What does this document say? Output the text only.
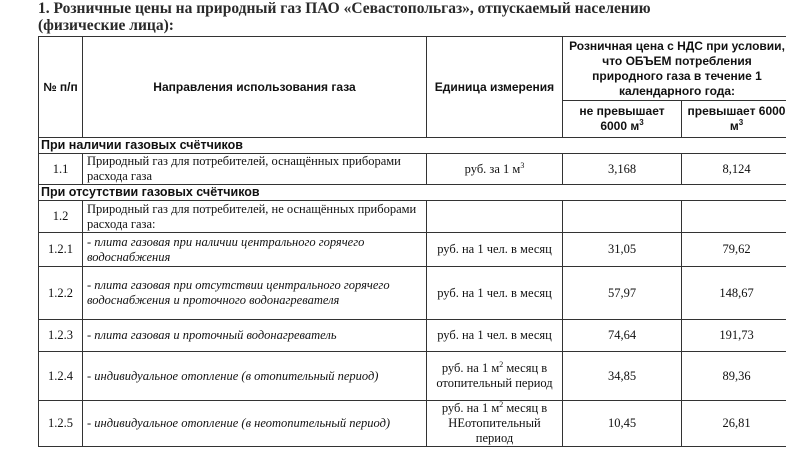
1. Розничные цены на природный газ ПАО «Севастопольгаз», отпускаемый населению
(физические лица):
№ п/п	Направления использования газа	Единица измерения	Розничная цена с НДС при условии, что ОБЪЕМ потребления природного газа в течение 1 календарного года:	
			не превышает 6000 $м^3$	превышает 6000 $м^3$
При наличии газовых счётчиков				
1.1	Природный газ для потребителей, оснащённых приборами расхода газа	руб. за 1 $м^3$	3,168	8,124
При отсутствии газовых счётчиков				
1.2	Природный газ для потребителей, не оснащённых приборами расхода газа:			
1.2.1	- плита газовая при наличии центрального горячего водоснабжения	руб. на 1 чел. в месяц	31,05	79,62
1.2.2	- плита газовая при отсутствии центрального горячего водоснабжения и проточного водонагревателя	руб. на 1 чел. в месяц	57,97	148,67
1.2.3	- плита газовая и проточный водонагреватель	руб. на 1 чел. в месяц	74,64	191,73
1.2.4	- индивидуальное отопление (в отопительный период)	руб. на 1 $м^2$ месяц в отопительный период	34,85	89,36
1.2.5	- индивидуальное отопление (в неотопительный период)	руб. на 1 $м^2$ месяц в НЕотопительный период	10,45	26,81
